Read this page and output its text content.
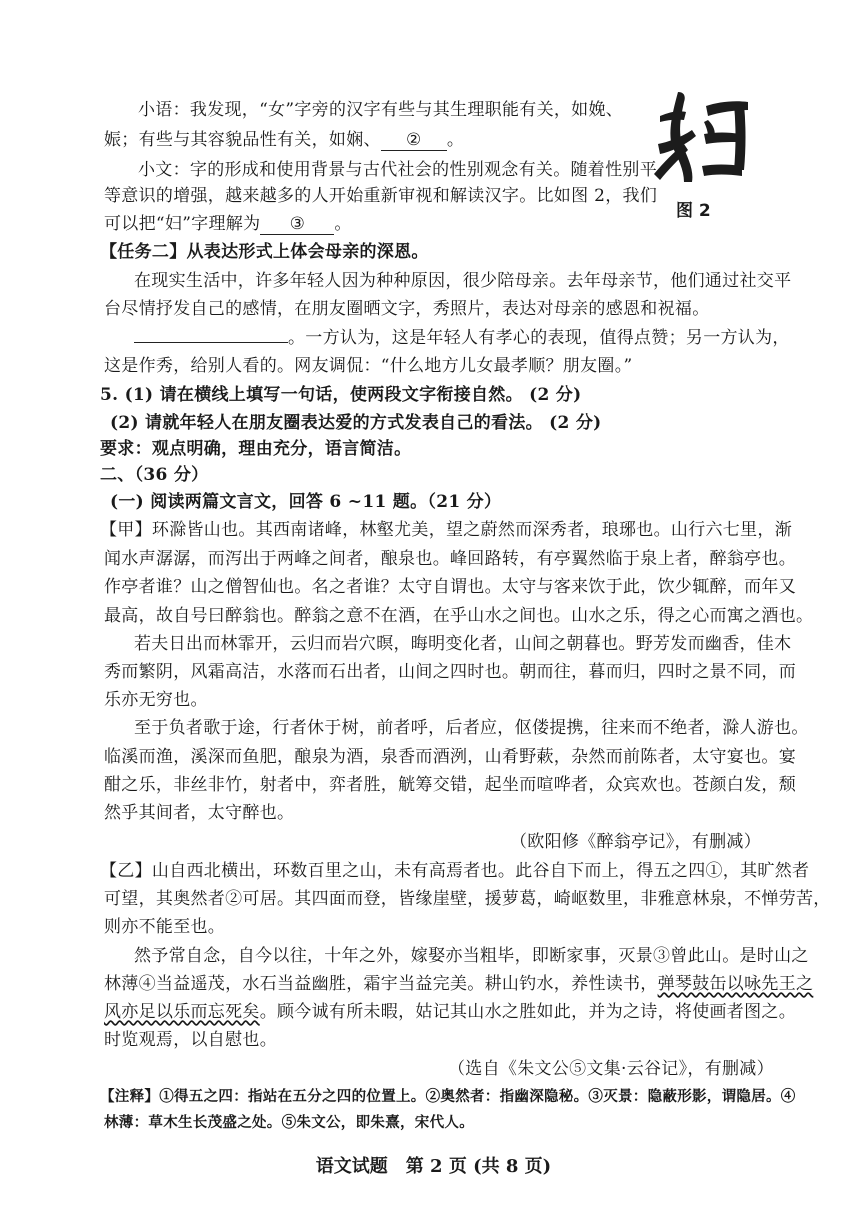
小语：我发现，“女”字旁的汉字有些与其生理职能有关，如娩、
娠；有些与其容貌品性有关，如娴、 ② 。
小文：字的形成和使用背景与古代社会的性别观念有关。随着性别平
等意识的增强，越来越多的人开始重新审视和解读汉字。比如图 2，我们
可以把“妇”字理解为 ③ 。
图 2
【任务二】从表达形式上体会母亲的深恩。
在现实生活中，许多年轻人因为种种原因，很少陪母亲。去年母亲节，他们通过社交平
台尽情抒发自己的感情，在朋友圈晒文字，秀照片，表达对母亲的感恩和祝福。
。一方认为，这是年轻人有孝心的表现，值得点赞；另一方认为，
这是作秀，给别人看的。网友调侃：“什么地方儿女最孝顺？朋友圈。”
5. (1) 请在横线上填写一句话，使两段文字衔接自然。 (2 分)
(2) 请就年轻人在朋友圈表达爱的方式发表自己的看法。 (2 分)
要求：观点明确，理由充分，语言简洁。
二、（36 分）
(一) 阅读两篇文言文，回答 6 ~11 题。（21 分）
【甲】环滁皆山也。其西南诸峰，林壑尤美，望之蔚然而深秀者，琅琊也。山行六七里，渐
闻水声潺潺，而泻出于两峰之间者，酿泉也。峰回路转，有亭翼然临于泉上者，醉翁亭也。
作亭者谁？山之僧智仙也。名之者谁？太守自谓也。太守与客来饮于此，饮少辄醉，而年又
最高，故自号曰醉翁也。醉翁之意不在酒，在乎山水之间也。山水之乐，得之心而寓之酒也。
若夫日出而林霏开，云归而岩穴暝，晦明变化者，山间之朝暮也。野芳发而幽香，佳木
秀而繁阴，风霜高洁，水落而石出者，山间之四时也。朝而往，暮而归，四时之景不同，而
乐亦无穷也。
至于负者歌于途，行者休于树，前者呼，后者应，伛偻提携，往来而不绝者，滁人游也。
临溪而渔，溪深而鱼肥，酿泉为酒，泉香而酒洌，山肴野蔌，杂然而前陈者，太守宴也。宴
酣之乐，非丝非竹，射者中，弈者胜，觥筹交错，起坐而喧哗者，众宾欢也。苍颜白发，颓
然乎其间者，太守醉也。
（欧阳修《醉翁亭记》，有删减）
【乙】山自西北横出，环数百里之山，未有高焉者也。此谷自下而上，得五之四①，其旷然者
可望，其奥然者②可居。其四面而登，皆缘崖壁，援萝葛，崎岖数里，非雅意林泉，不惮劳苦，
则亦不能至也。
然予常自念，自今以往，十年之外，嫁娶亦当粗毕，即断家事，灭景③曾此山。是时山之
林薄④当益遥茂，水石当益幽胜，霜宇当益完美。耕山钓水，养性读书，弹琴鼓缶以咏先王之
风亦足以乐而忘死矣。顾今诚有所未暇，姑记其山水之胜如此，并为之诗，将使画者图之。
时览观焉，以自慰也。
（选自《朱文公⑤文集·云谷记》，有删减）
【注释】①得五之四：指站在五分之四的位置上。②奥然者：指幽深隐秘。③灭景：隐蔽形影，谓隐居。④
林薄：草木生长茂盛之处。⑤朱文公，即朱熹，宋代人。
语文试题　第 2 页 (共 8 页)
